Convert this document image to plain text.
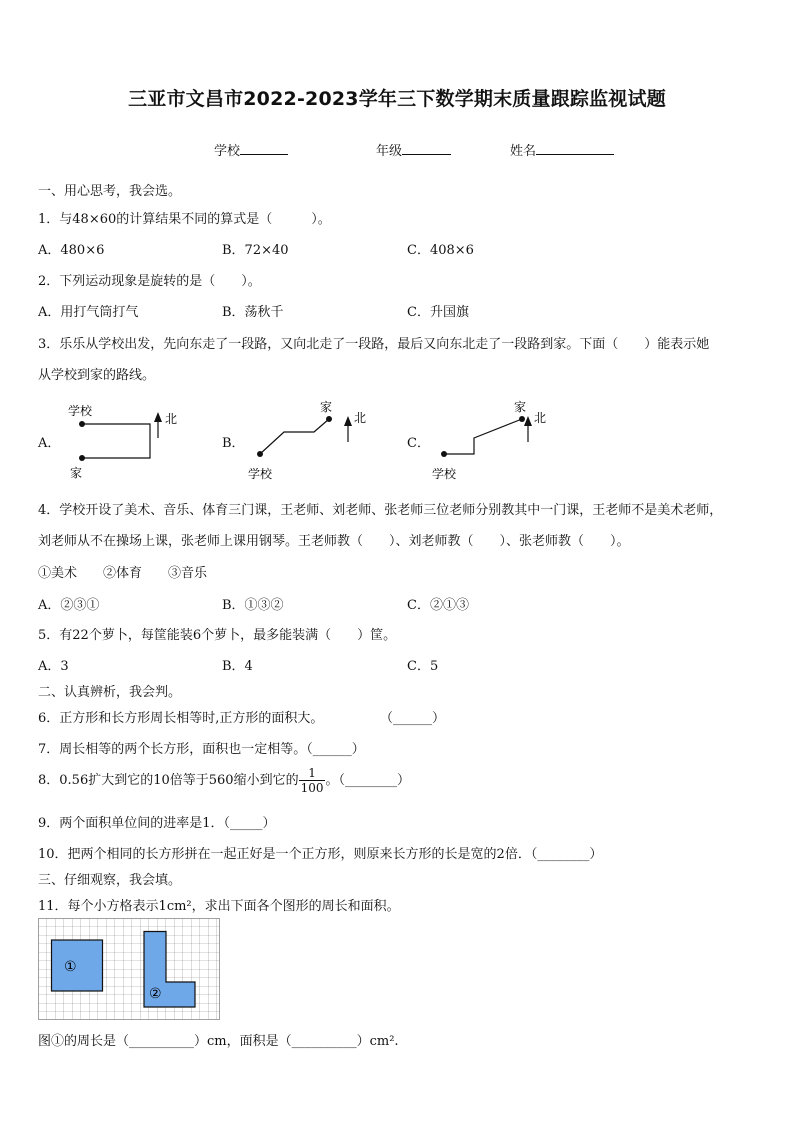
三亚市文昌市2022-2023学年三下数学期末质量跟踪监视试题
学校	年级	姓名
一、用心思考，我会选。
1．与48×60的计算结果不同的算式是（　　　）。
A．480×6	B．72×40	C．408×6
2．下列运动现象是旋转的是（　　）。
A．用打气筒打气	B．荡秋千	C．升国旗
3．乐乐从学校出发，先向东走了一段路，又向北走了一段路，最后又向东北走了一段路到家。下面（　　）能表示她
从学校到家的路线。
A．
学校
家
北
B．
家
学校
北
C．
家
学校
北
4．学校开设了美术、音乐、体育三门课，王老师、刘老师、张老师三位老师分别教其中一门课，王老师不是美术老师，
刘老师从不在操场上课，张老师上课用钢琴。王老师教（　　）、刘老师教（　　）、张老师教（　　）。
①美术　　②体育　　③音乐
A．②③①	B．①③②	C．②①③
5．有22个萝卜，每筐能装6个萝卜，最多能装满（　　）筐。
A．3	B．4	C．5
二、认真辨析，我会判。
6．正方形和长方形周长相等时,正方形的面积大。	（______）
7．周长相等的两个长方形，面积也一定相等。（______）
8．0.56扩大到它的10倍等于560缩小到它的 $\frac{1}{100}$ 。（________）
9．两个面积单位间的进率是1．（_____）
10．把两个相同的长方形拼在一起正好是一个正方形，则原来长方形的长是宽的2倍．（________）
三、仔细观察，我会填。
11．每个小方格表示1cm²，求出下面各个图形的周长和面积。
①
②
图①的周长是（__________）cm，面积是（__________）cm².
